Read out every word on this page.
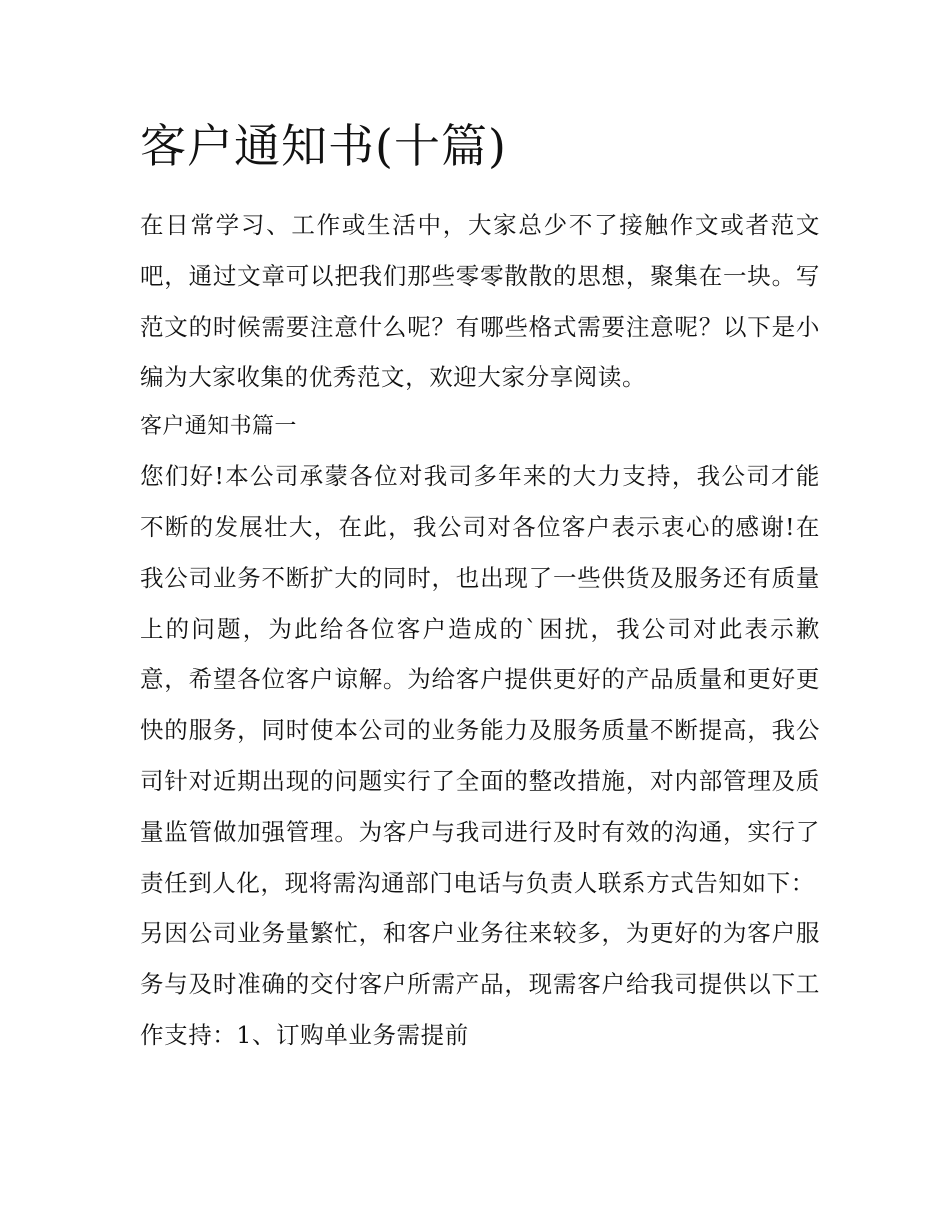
客户通知书(十篇)

在日常学习、工作或生活中，大家总少不了接触作文或者范文吧，通过文章可以把我们那些零零散散的思想，聚集在一块。写范文的时候需要注意什么呢？有哪些格式需要注意呢？以下是小编为大家收集的优秀范文，欢迎大家分享阅读。

客户通知书篇一

您们好!本公司承蒙各位对我司多年来的大力支持，我公司才能不断的发展壮大，在此，我公司对各位客户表示衷心的感谢!在我公司业务不断扩大的同时，也出现了一些供货及服务还有质量上的问题，为此给各位客户造成的`困扰，我公司对此表示歉意，希望各位客户谅解。为给客户提供更好的产品质量和更好更快的服务，同时使本公司的业务能力及服务质量不断提高，我公司针对近期出现的问题实行了全面的整改措施，对内部管理及质量监管做加强管理。为客户与我司进行及时有效的沟通，实行了责任到人化，现将需沟通部门电话与负责人联系方式告知如下：

另因公司业务量繁忙，和客户业务往来较多，为更好的为客户服务与及时准确的交付客户所需产品，现需客户给我司提供以下工作支持：1、订购单业务需提前
